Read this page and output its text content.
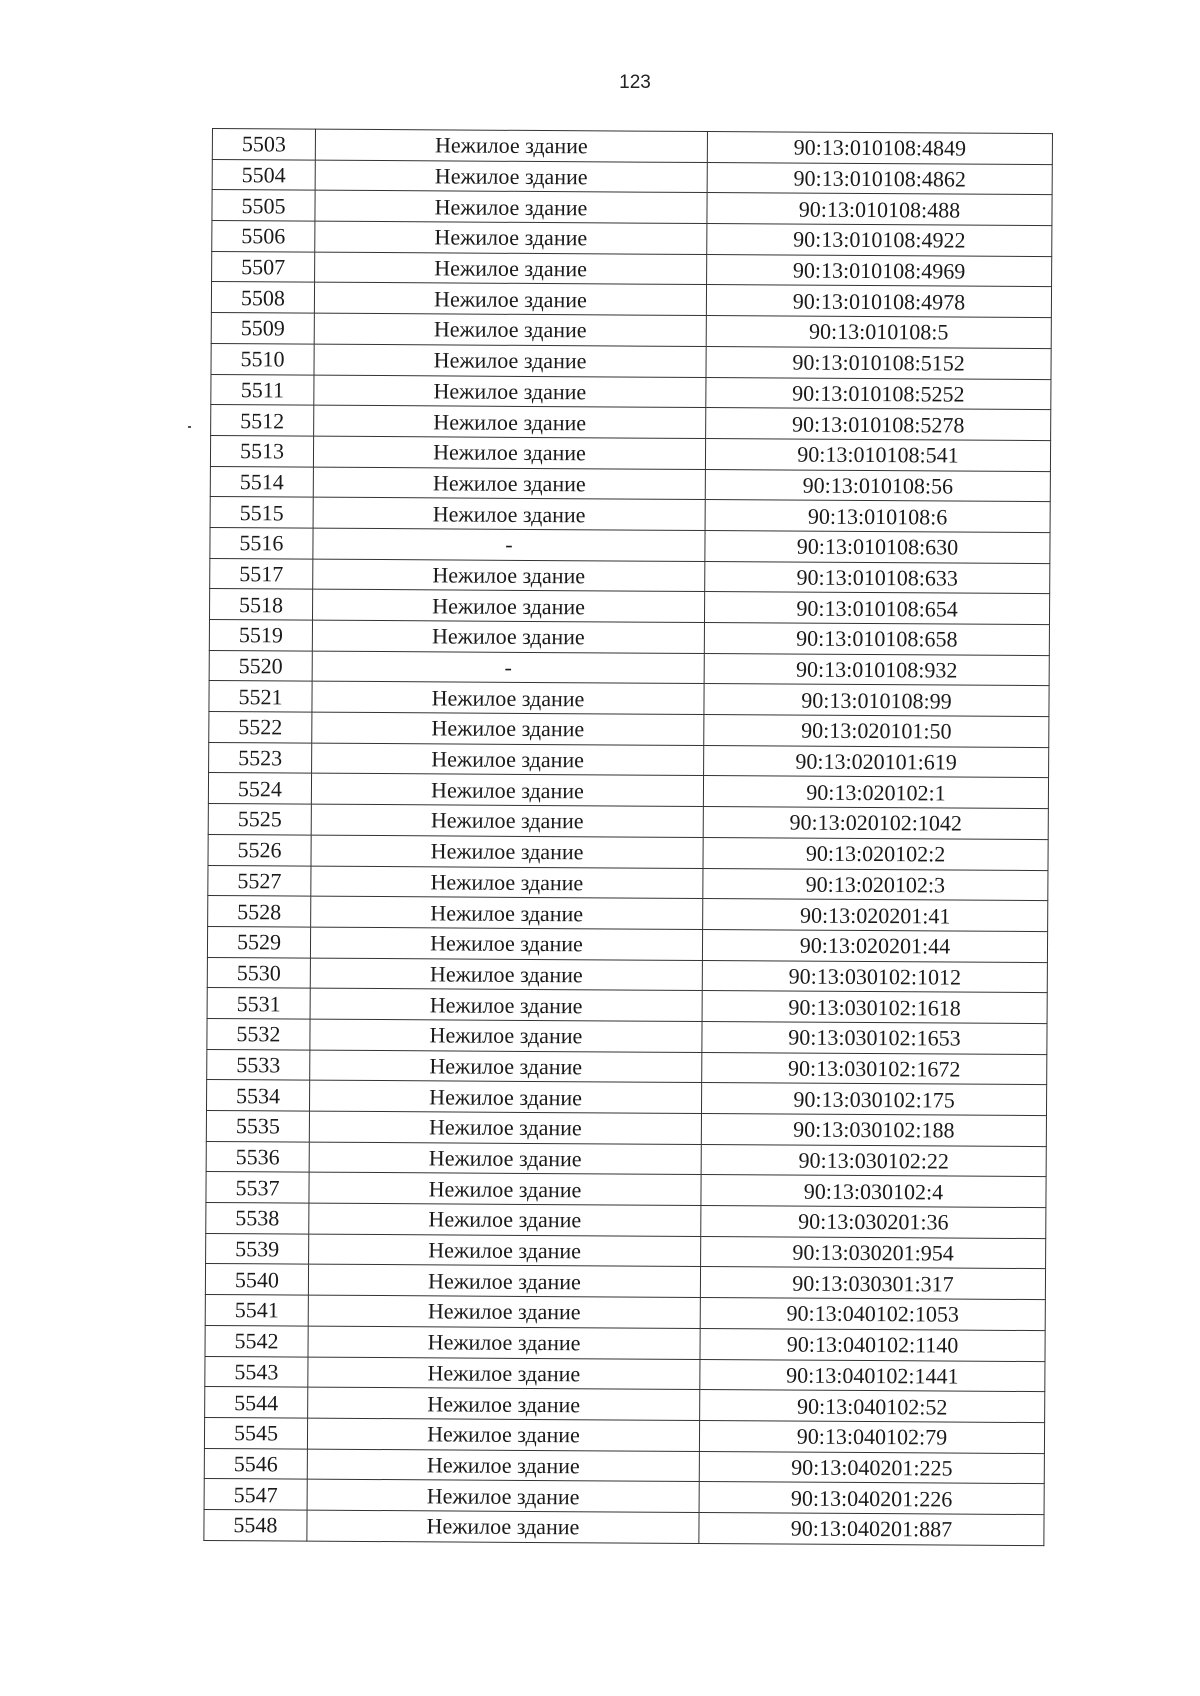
123
5503	Нежилое здание	90:13:010108:4849
5504	Нежилое здание	90:13:010108:4862
5505	Нежилое здание	90:13:010108:488
5506	Нежилое здание	90:13:010108:4922
5507	Нежилое здание	90:13:010108:4969
5508	Нежилое здание	90:13:010108:4978
5509	Нежилое здание	90:13:010108:5
5510	Нежилое здание	90:13:010108:5152
5511	Нежилое здание	90:13:010108:5252
5512	Нежилое здание	90:13:010108:5278
5513	Нежилое здание	90:13:010108:541
5514	Нежилое здание	90:13:010108:56
5515	Нежилое здание	90:13:010108:6
5516	-	90:13:010108:630
5517	Нежилое здание	90:13:010108:633
5518	Нежилое здание	90:13:010108:654
5519	Нежилое здание	90:13:010108:658
5520	-	90:13:010108:932
5521	Нежилое здание	90:13:010108:99
5522	Нежилое здание	90:13:020101:50
5523	Нежилое здание	90:13:020101:619
5524	Нежилое здание	90:13:020102:1
5525	Нежилое здание	90:13:020102:1042
5526	Нежилое здание	90:13:020102:2
5527	Нежилое здание	90:13:020102:3
5528	Нежилое здание	90:13:020201:41
5529	Нежилое здание	90:13:020201:44
5530	Нежилое здание	90:13:030102:1012
5531	Нежилое здание	90:13:030102:1618
5532	Нежилое здание	90:13:030102:1653
5533	Нежилое здание	90:13:030102:1672
5534	Нежилое здание	90:13:030102:175
5535	Нежилое здание	90:13:030102:188
5536	Нежилое здание	90:13:030102:22
5537	Нежилое здание	90:13:030102:4
5538	Нежилое здание	90:13:030201:36
5539	Нежилое здание	90:13:030201:954
5540	Нежилое здание	90:13:030301:317
5541	Нежилое здание	90:13:040102:1053
5542	Нежилое здание	90:13:040102:1140
5543	Нежилое здание	90:13:040102:1441
5544	Нежилое здание	90:13:040102:52
5545	Нежилое здание	90:13:040102:79
5546	Нежилое здание	90:13:040201:225
5547	Нежилое здание	90:13:040201:226
5548	Нежилое здание	90:13:040201:887
